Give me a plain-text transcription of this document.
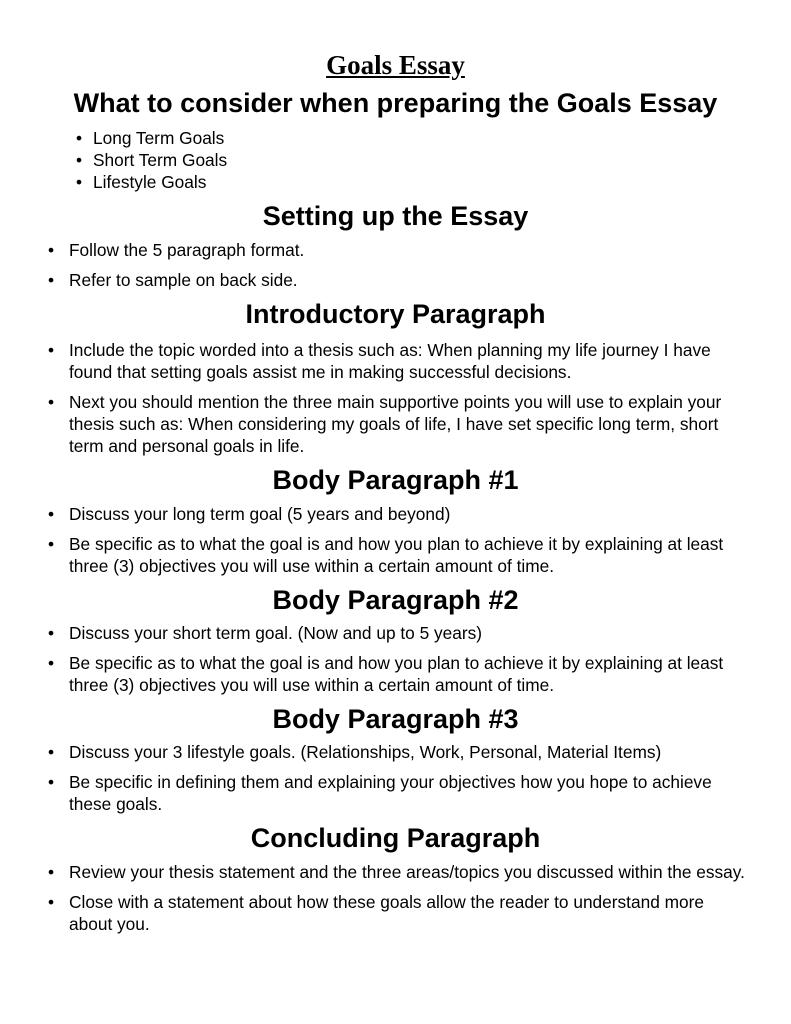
Goals Essay
What to consider when preparing the Goals Essay
• Long Term Goals
• Short Term Goals
• Lifestyle Goals
Setting up the Essay
• Follow the 5 paragraph format.
• Refer to sample on back side.
Introductory Paragraph
• Include the topic worded into a thesis such as: When planning my life journey I have found that setting goals assist me in making successful decisions.
• Next you should mention the three main supportive points you will use to explain your thesis such as: When considering my goals of life, I have set specific long term, short term and personal goals in life.
Body Paragraph #1
• Discuss your long term goal (5 years and beyond)
• Be specific as to what the goal is and how you plan to achieve it by explaining at least three (3) objectives you will use within a certain amount of time.
Body Paragraph #2
• Discuss your short term goal. (Now and up to 5 years)
• Be specific as to what the goal is and how you plan to achieve it by explaining at least three (3) objectives you will use within a certain amount of time.
Body Paragraph #3
• Discuss your 3 lifestyle goals. (Relationships, Work, Personal, Material Items)
• Be specific in defining them and explaining your objectives how you hope to achieve these goals.
Concluding Paragraph
• Review your thesis statement and the three areas/topics you discussed within the essay.
• Close with a statement about how these goals allow the reader to understand more about you.
